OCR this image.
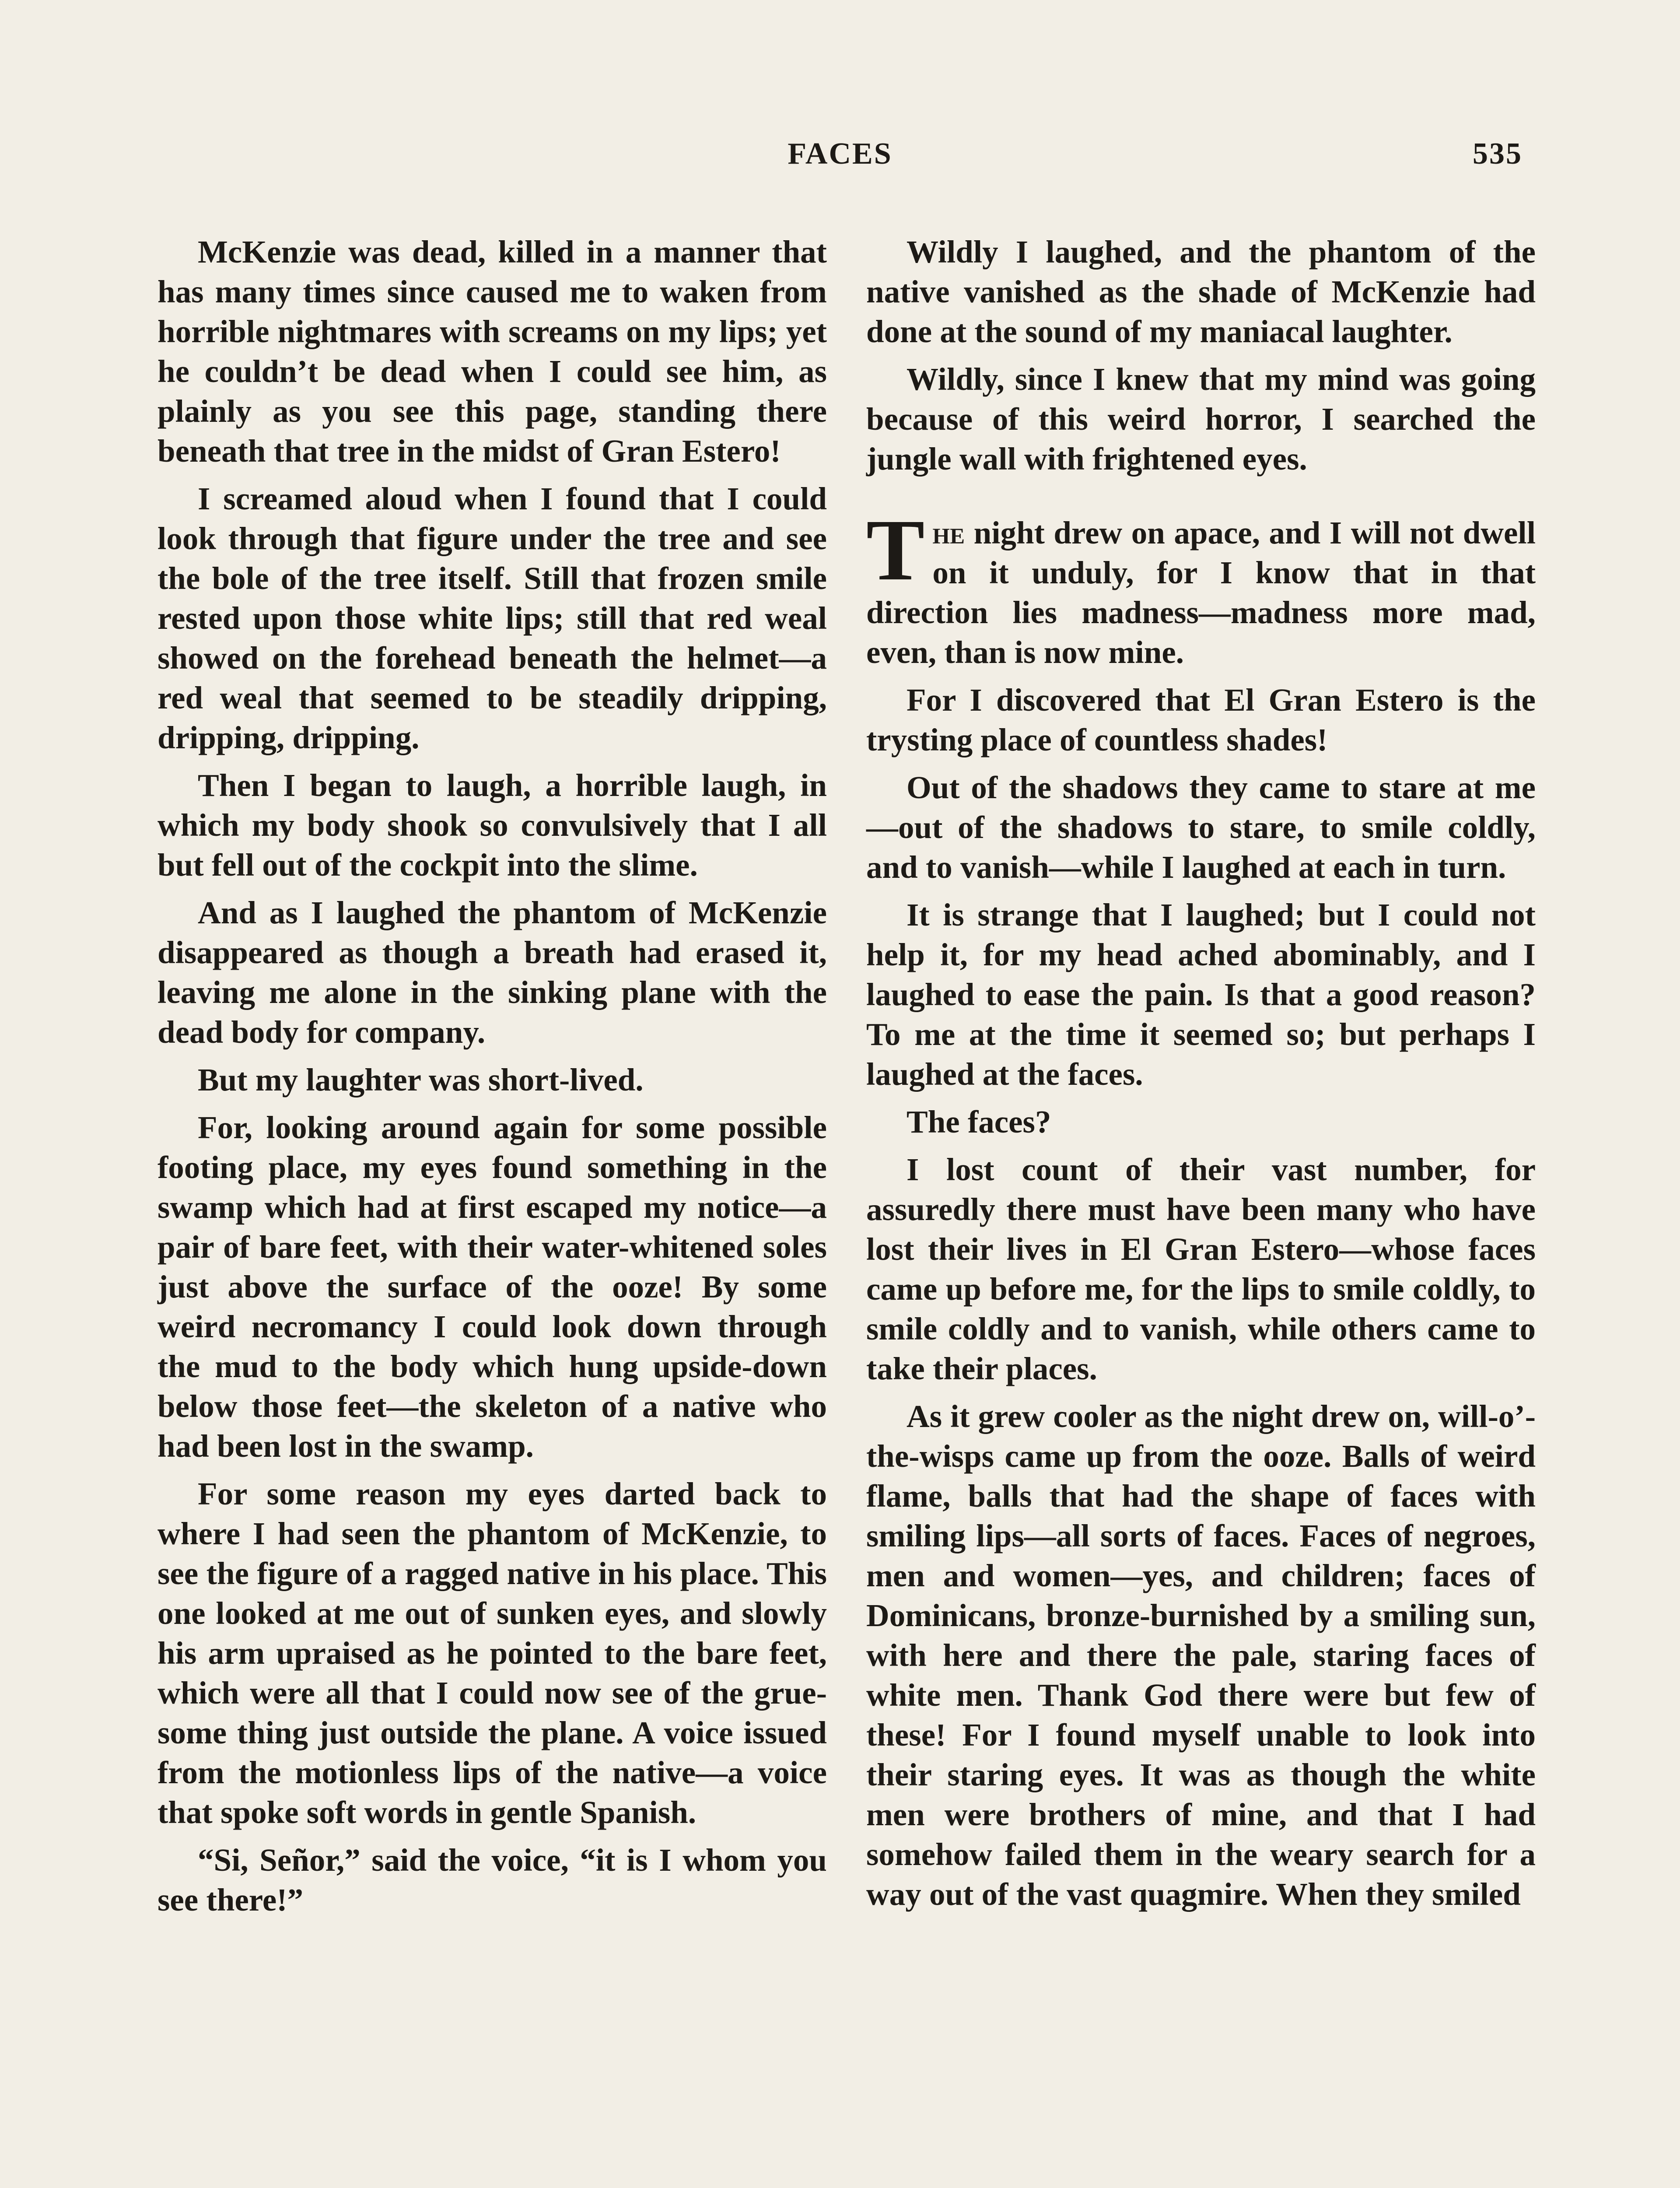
FACES	535

McKenzie was dead, killed in a manner that has many times since caused me to waken from horrible nightmares with screams on my lips; yet he couldn’t be dead when I could see him, as plainly as you see this page, standing there beneath that tree in the midst of Gran Estero!

I screamed aloud when I found that I could look through that figure under the tree and see the bole of the tree itself. Still that frozen smile rested upon those white lips; still that red weal showed on the forehead beneath the helmet—a red weal that seemed to be steadily dripping, dripping, dripping.

Then I began to laugh, a horrible laugh, in which my body shook so convulsively that I all but fell out of the cockpit into the slime.

And as I laughed the phantom of McKenzie disappeared as though a breath had erased it, leaving me alone in the sinking plane with the dead body for company.

But my laughter was short-lived.

For, looking around again for some possible footing place, my eyes found something in the swamp which had at first escaped my notice—a pair of bare feet, with their water-whitened soles just above the surface of the ooze! By some weird necromancy I could look down through the mud to the body which hung upside-down below those feet—the skeleton of a native who had been lost in the swamp.

For some reason my eyes darted back to where I had seen the phantom of McKenzie, to see the figure of a ragged native in his place. This one looked at me out of sunken eyes, and slowly his arm upraised as he pointed to the bare feet, which were all that I could now see of the gruesome thing just outside the plane. A voice issued from the motionless lips of the native—a voice that spoke soft words in gentle Spanish.

“Si, Señor,” said the voice, “it is I whom you see there!”

Wildly I laughed, and the phantom of the native vanished as the shade of McKenzie had done at the sound of my maniacal laughter.

Wildly, since I knew that my mind was going because of this weird horror, I searched the jungle wall with frightened eyes.

The night drew on apace, and I will not dwell on it unduly, for I know that in that direction lies madness—madness more mad, even, than is now mine.

For I discovered that El Gran Estero is the trysting place of countless shades!

Out of the shadows they came to stare at me—out of the shadows to stare, to smile coldly, and to vanish—while I laughed at each in turn.

It is strange that I laughed; but I could not help it, for my head ached abominably, and I laughed to ease the pain. Is that a good reason? To me at the time it seemed so; but perhaps I laughed at the faces.

The faces?

I lost count of their vast number, for assuredly there must have been many who have lost their lives in El Gran Estero—whose faces came up before me, for the lips to smile coldly, to smile coldly and to vanish, while others came to take their places.

As it grew cooler as the night drew on, will-o’-the-wisps came up from the ooze. Balls of weird flame, balls that had the shape of faces with smiling lips—all sorts of faces. Faces of negroes, men and women—yes, and children; faces of Dominicans, bronze-burnished by a smiling sun, with here and there the pale, staring faces of white men. Thank God there were but few of these! For I found myself unable to look into their staring eyes. It was as though the white men were brothers of mine, and that I had somehow failed them in the weary search for a way out of the vast quagmire. When they smiled
